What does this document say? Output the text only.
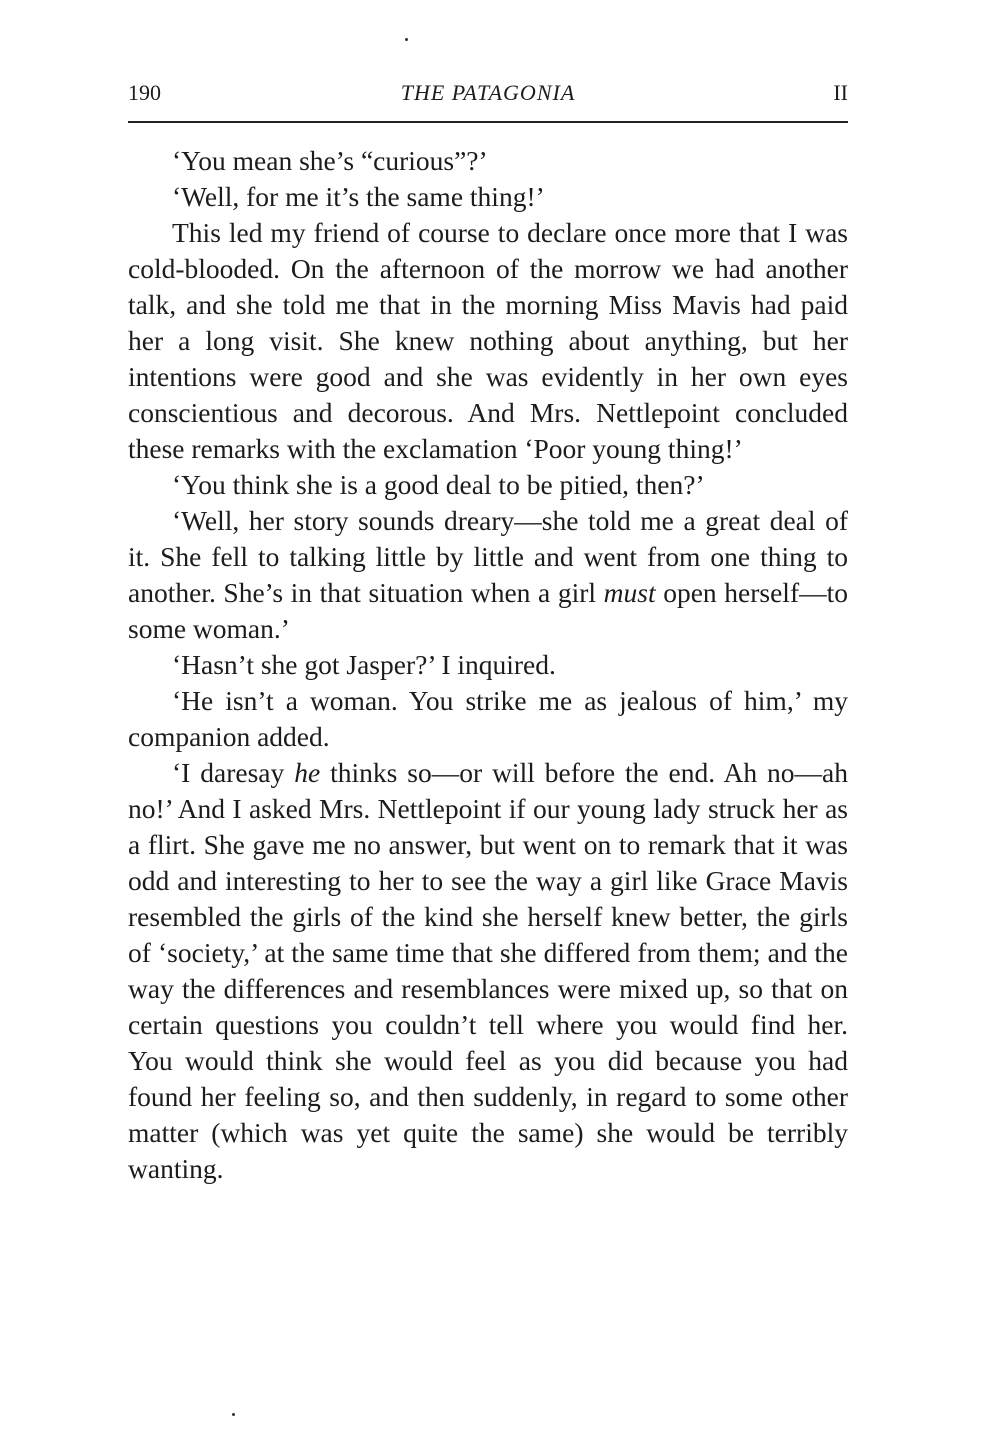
190	THE PATAGONIA	II

‘You mean she’s “curious”?’

‘Well, for me it’s the same thing!’

This led my friend of course to declare once more that I was cold-blooded. On the afternoon of the morrow we had another talk, and she told me that in the morning Miss Mavis had paid her a long visit. She knew nothing about anything, but her intentions were good and she was evidently in her own eyes conscientious and decorous. And Mrs. Nettlepoint concluded these remarks with the exclamation ‘Poor young thing!’

‘You think she is a good deal to be pitied, then?’

‘Well, her story sounds dreary—she told me a great deal of it. She fell to talking little by little and went from one thing to another. She’s in that situation when a girl must open herself—to some woman.’

‘Hasn’t she got Jasper?’ I inquired.

‘He isn’t a woman. You strike me as jealous of him,’ my companion added.

‘I daresay he thinks so—or will before the end. Ah no—ah no!’ And I asked Mrs. Nettlepoint if our young lady struck her as a flirt. She gave me no answer, but went on to remark that it was odd and interesting to her to see the way a girl like Grace Mavis resembled the girls of the kind she herself knew better, the girls of ‘society,’ at the same time that she differed from them; and the way the differences and resemblances were mixed up, so that on certain questions you couldn’t tell where you would find her. You would think she would feel as you did because you had found her feeling so, and then suddenly, in regard to some other matter (which was yet quite the same) she would be terribly wanting.
